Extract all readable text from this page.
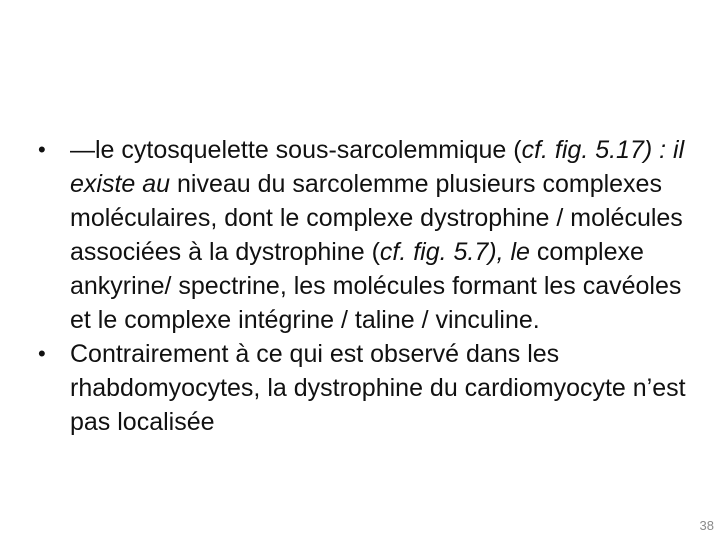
• —le cytosquelette sous-sarcolemmique (cf. fig. 5.17) : il existe au niveau du sarcolemme plusieurs complexes moléculaires, dont le complexe dystrophine / molécules associées à la dystrophine (cf. fig. 5.7), le complexe ankyrine/ spectrine, les molécules formant les cavéoles et le complexe intégrine / taline / vinculine.
• Contrairement à ce qui est observé dans les rhabdomyocytes, la dystrophine du cardiomyocyte n’est pas localisée
38
